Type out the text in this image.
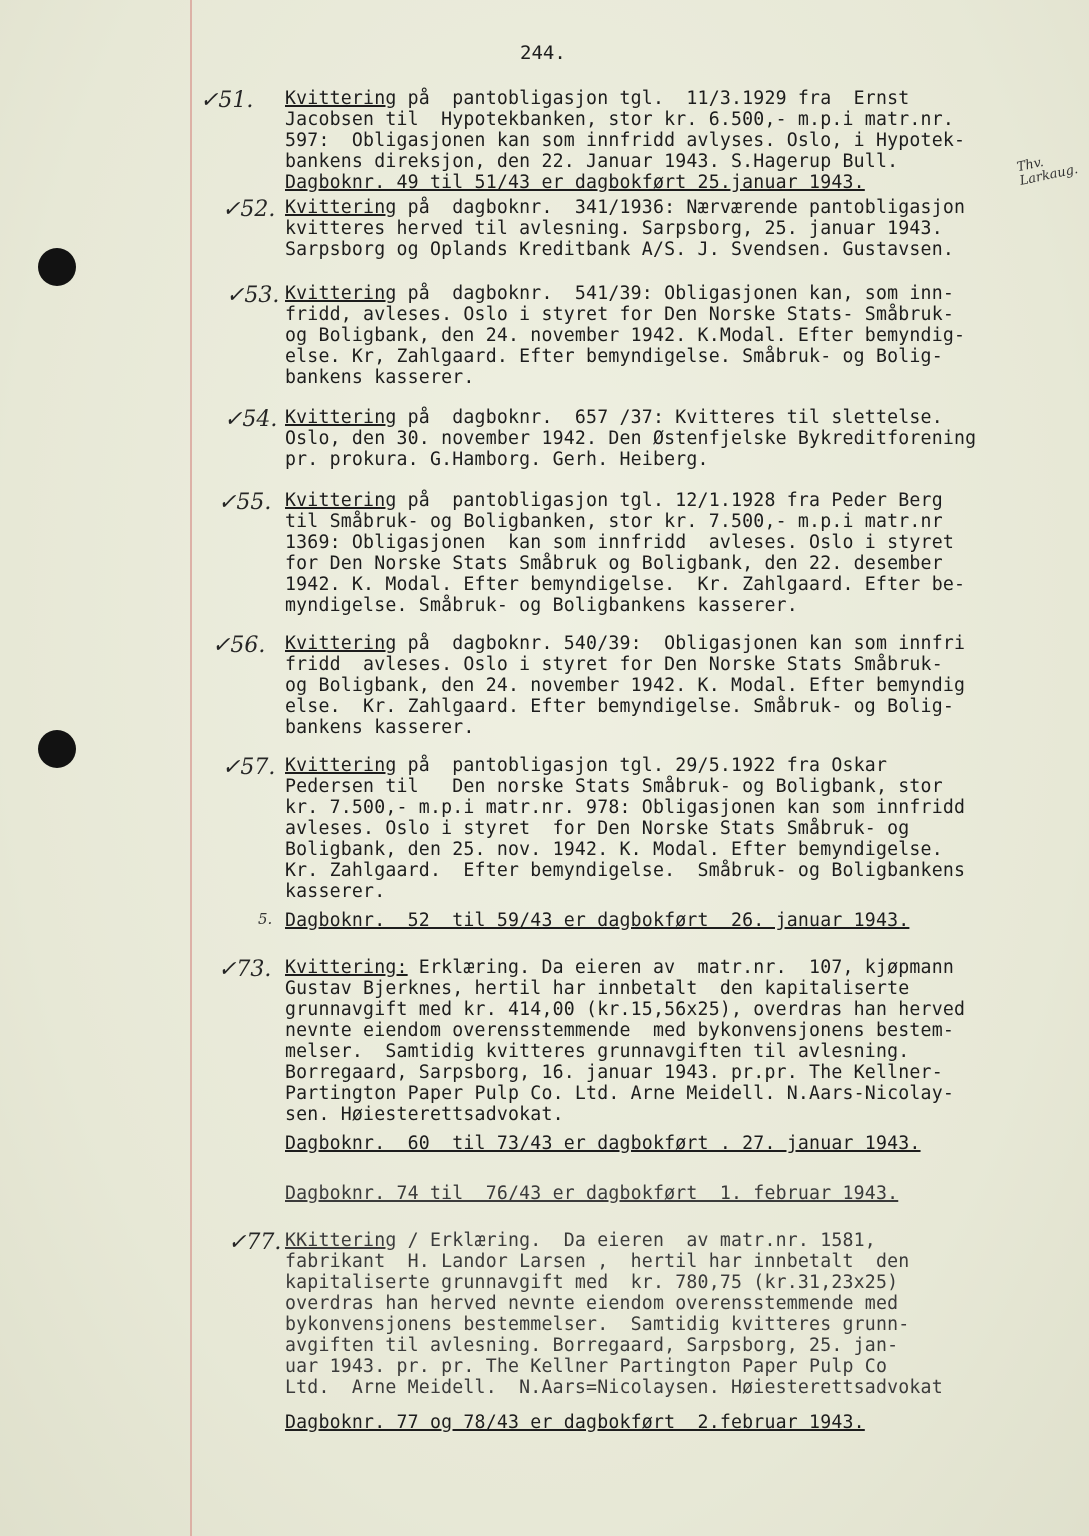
244.
✓51. Kvittering på  pantobligasjon tgl.  11/3.1929 fra  Ernst
Jacobsen til  Hypotekbanken, stor kr. 6.500,- m.p.i matr.nr.
597:  Obligasjonen kan som innfridd avlyses. Oslo, i Hypotek-
bankens direksjon, den 22. Januar 1943. S.Hagerup Bull.	Thv. Larkaug.
Dagboknr. 49 til 51/43 er dagbokført 25.januar 1943.
✓52. Kvittering på  dagboknr.  341/1936: Nærværende pantobligasjon
kvitteres herved til avlesning. Sarpsborg, 25. januar 1943.
Sarpsborg og Oplands Kreditbank A/S. J. Svendsen. Gustavsen.
✓53. Kvittering på  dagboknr.  541/39: Obligasjonen kan, som inn-
fridd, avleses. Oslo i styret for Den Norske Stats- Småbruk-
og Boligbank, den 24. november 1942. K.Modal. Efter bemyndig-
else. Kr, Zahlgaard. Efter bemyndigelse. Småbruk- og Bolig-
bankens kasserer.
✓54. Kvittering på  dagboknr.  657 /37: Kvitteres til slettelse.
Oslo, den 30. november 1942. Den Østenfjelske Bykreditforening
pr. prokura. G.Hamborg. Gerh. Heiberg.
✓55. Kvittering på  pantobligasjon tgl. 12/1.1928 fra Peder Berg
til Småbruk- og Boligbanken, stor kr. 7.500,- m.p.i matr.nr
1369: Obligasjonen  kan som innfridd  avleses. Oslo i styret
for Den Norske Stats Småbruk og Boligbank, den 22. desember
1942. K. Modal. Efter bemyndigelse.  Kr. Zahlgaard. Efter be-
myndigelse. Småbruk- og Boligbankens kasserer.
✓56. Kvittering på  dagboknr. 540/39:  Obligasjonen kan som innfri
fridd  avleses. Oslo i styret for Den Norske Stats Småbruk-
og Boligbank, den 24. november 1942. K. Modal. Efter bemyndig
else.  Kr. Zahlgaard. Efter bemyndigelse. Småbruk- og Bolig-
bankens kasserer.
✓57. Kvittering på  pantobligasjon tgl. 29/5.1922 fra Oskar
Pedersen til   Den norske Stats Småbruk- og Boligbank, stor
kr. 7.500,- m.p.i matr.nr. 978: Obligasjonen kan som innfridd
avleses. Oslo i styret  for Den Norske Stats Småbruk- og
Boligbank, den 25. nov. 1942. K. Modal. Efter bemyndigelse.
Kr. Zahlgaard.  Efter bemyndigelse.  Småbruk- og Boligbankens
kasserer.
5. Dagboknr.  52  til 59/43 er dagbokført  26. januar 1943.
✓73. Kvittering: Erklæring. Da eieren av  matr.nr.  107, kjøpmann
Gustav Bjerknes, hertil har innbetalt  den kapitaliserte
grunnavgift med kr. 414,00 (kr.15,56x25), overdras han herved
nevnte eiendom overensstemmende  med bykonvensjonens bestem-
melser.  Samtidig kvitteres grunnavgiften til avlesning.
Borregaard, Sarpsborg, 16. januar 1943. pr.pr. The Kellner-
Partington Paper Pulp Co. Ltd. Arne Meidell. N.Aars-Nicolay-
sen. Høiesterettsadvokat.
Dagboknr.  60  til 73/43 er dagbokført . 27. januar 1943.
Dagboknr. 74 til  76/43 er dagbokført  1. februar 1943.
✓77. KKittering / Erklæring.  Da eieren  av matr.nr. 1581,
fabrikant  H. Landor Larsen ,  hertil har innbetalt  den
kapitaliserte grunnavgift med  kr. 780,75 (kr.31,23x25)
overdras han herved nevnte eiendom overensstemmende med
bykonvensjonens bestemmelser.  Samtidig kvitteres grunn-
avgiften til avlesning. Borregaard, Sarpsborg, 25. jan-
uar 1943. pr. pr. The Kellner Partington Paper Pulp Co
Ltd.  Arne Meidell.  N.Aars=Nicolaysen. Høiesterettsadvokat
Dagboknr. 77 og 78/43 er dagbokført  2.februar 1943.
